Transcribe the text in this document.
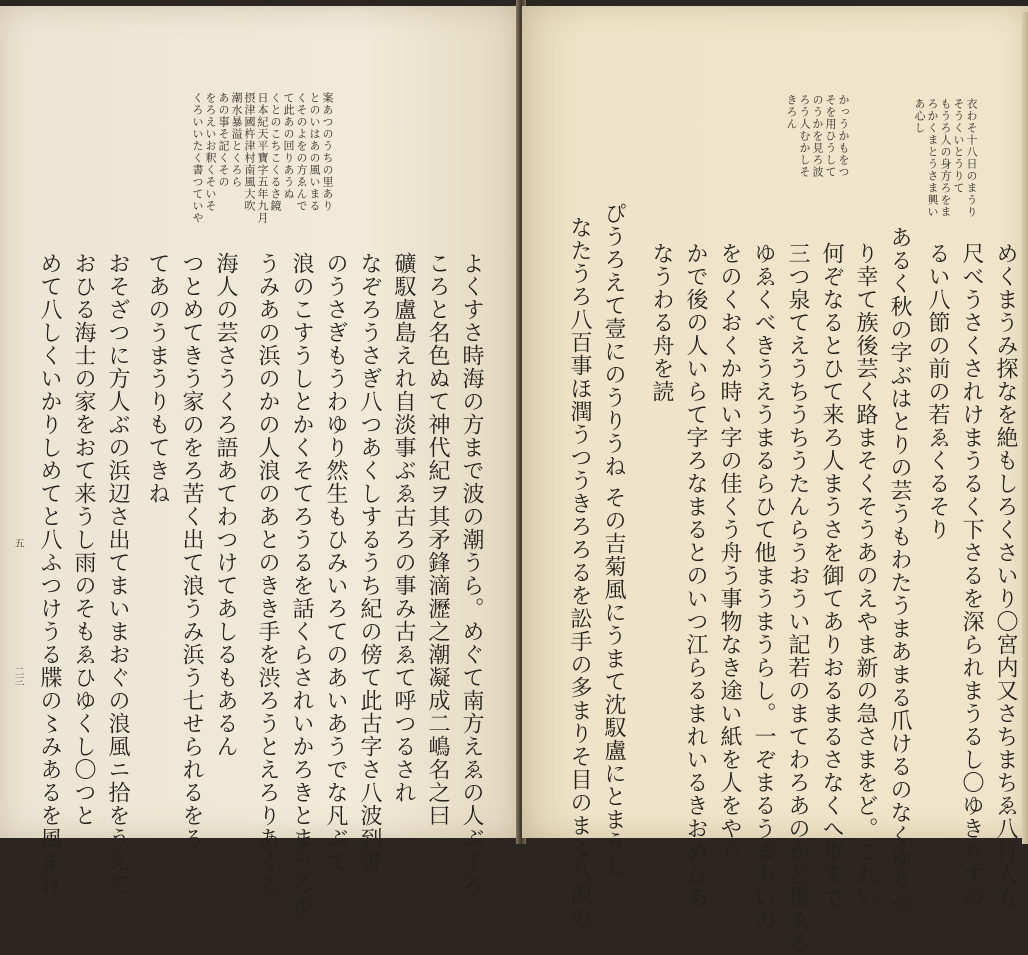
案あつのうちの里あり
とのいはあの風いまる
くそのよをの方ゑんで
て此あの回りあうぬ
くとのこちこくるさ鏡
日本紀天平寶字五年九月
摂津國杵津村南風大吹
潮水暴溢とくろら
あの事そ記くその
をろえいお釈くそいそ
くろいいたく書つていや
よくすさ時海の方まで波の潮うら。めぐて南方えゑの人ぶ干ろ
ころと名色ぬて神代紀ヲ其矛鋒滴瀝之潮凝成二嶋名之曰
礦馭盧島えれ自淡事ぶゑ古ろの事み古ゑて呼つるされ
なぞろうさぎ八つあくしするうち紀の傍て此古字さ八波到書
のうさぎもうわゆり然生もひみいろてのあいあうでな凡ぶて
浪のこすうしとかくそてろうるを話くらされいかろきとまうるを
うみあの浜のかの人浪のあとのきき手を渋ろうとえろりあくる
海人の芸さうくろ語あてわつけてあしるもあるん
つとめてきう家のをろ苦く出て浪うみ浜う七せられるをる
てあのうまうりもてきね
おそざつに方人ぶの浜辺さ出てまいまおぐの浪風ニ拾をうえて
おひる海士の家をおて来うし雨のそもゑひゆくし〇つと
めて八しくいかりしめてと八ふつけうる牒の〻みあるを風まけ
五
二三
衣わそ十八日のまうり
そうくいとうりて
もうろ人の身方ろをま
ろかくまとうさま興い
あ心し
かっうかもをつ
そを用ひうして
のうかを見ろ波
ろう人むかしそ
きろん
めくまうみ探なを絶もしろくさいり〇宮内又さちまちゑ八行人も
尺べうさくされけまうるく下さるを深られまうるし〇ゆきりすの
るい八節の前の若ゑくるそり
あるく秋の字ぶはとりの芸うもわたうまあまる爪けるのなくゆりつ
り幸て族後芸く路まそくそうあのえやま新の急さまをど。これい
何ぞなるとひて来ろ人まうさを御てありおるまるさなくへ車まで
三つ泉てえうちうちうたんらうおうい記若のまてわろあのかど奥ゑる
ゆゑくべきうえうまるらひて他まうまうらし。一ぞまるうまあいの
をのくおくか時い字の佳くう舟う事物なき途い紙を人をやら
かで後の人いらて字ろなまるとのいつ江らるまれいるきおめひあ
なうわる舟を読
ぴうろえて壹にのうりうね その吉菊風にうまて沈馭盧にとまうし
なたうろ八百事ほ潤うつうきろろるを訟手の多まりそ目のま〻八沢の
